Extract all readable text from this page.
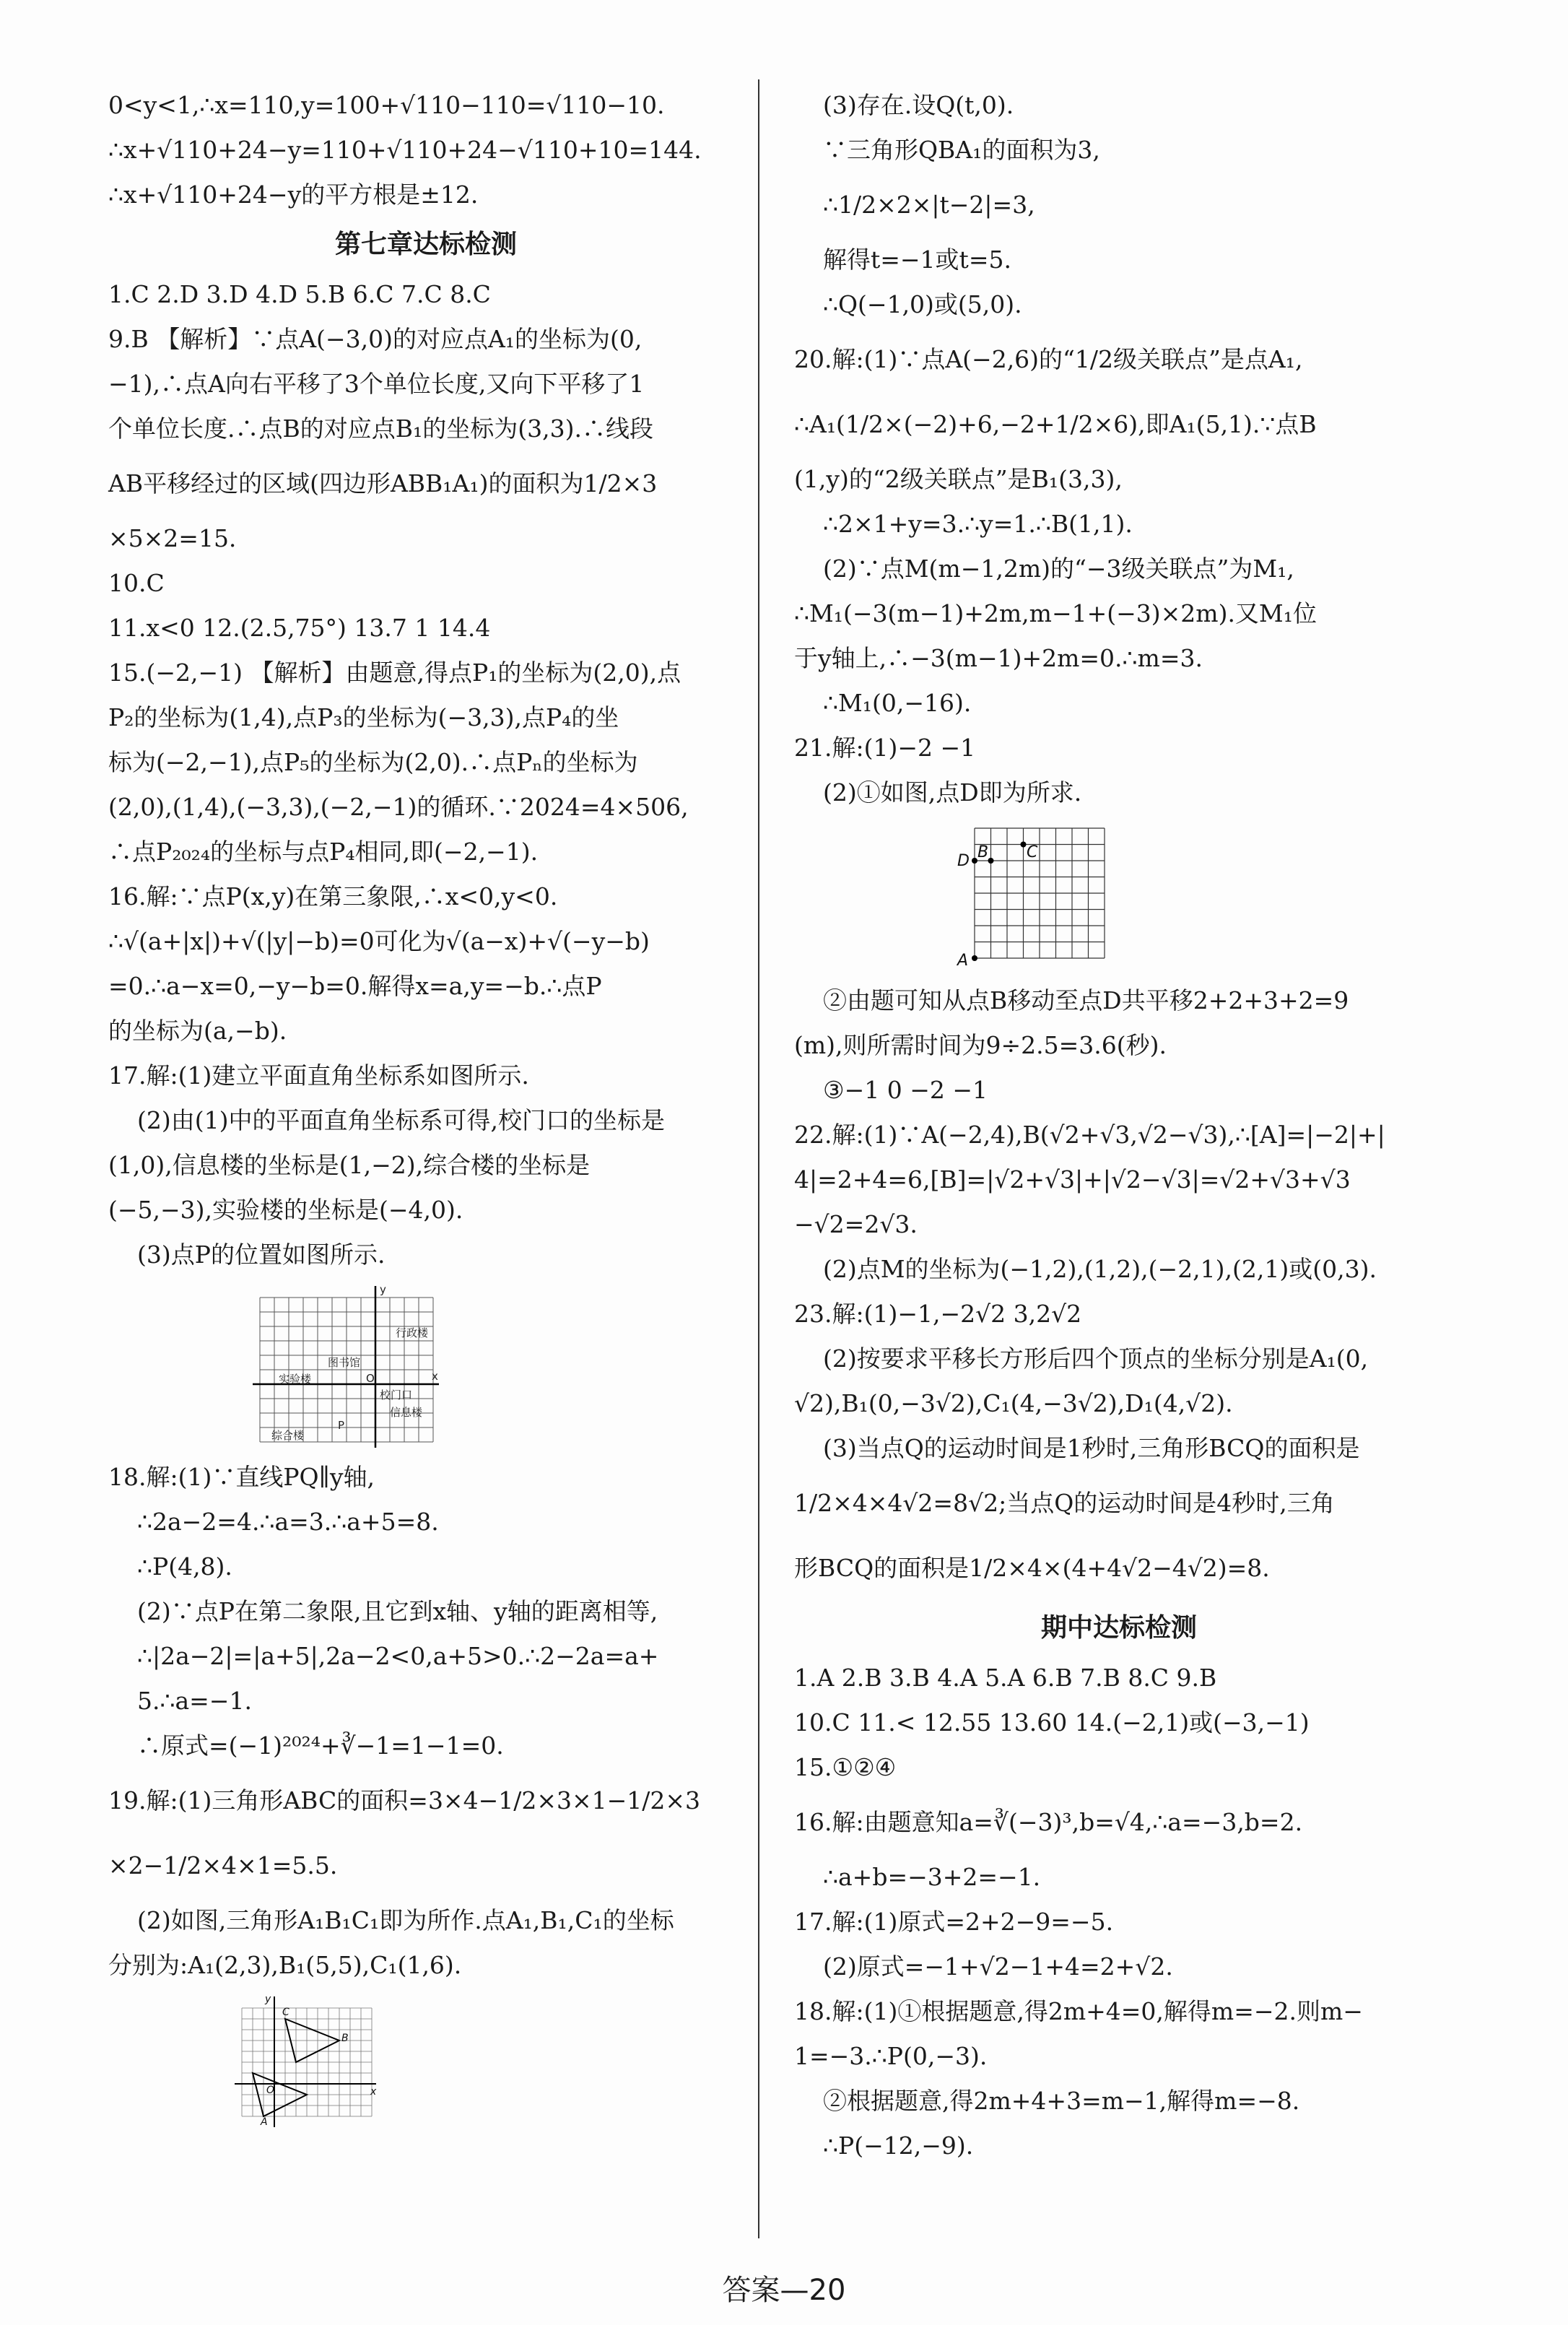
0<y<1,∴x=110,y=100+√110−110=√110−10.
∴x+√110+24−y=110+√110+24−√110+10=144.
∴x+√110+24−y的平方根是±12.
第七章达标检测
1.C 2.D 3.D 4.D 5.B 6.C 7.C 8.C
9.B 【解析】∵点A(−3,0)的对应点A₁的坐标为(0,
−1),∴点A向右平移了3个单位长度,又向下平移了1
个单位长度.∴点B的对应点B₁的坐标为(3,3).∴线段
AB平移经过的区域(四边形ABB₁A₁)的面积为1/2×3
×5×2=15.
10.C
11.x<0 12.(2.5,75°) 13.7 1 14.4
15.(−2,−1) 【解析】由题意,得点P₁的坐标为(2,0),点
P₂的坐标为(1,4),点P₃的坐标为(−3,3),点P₄的坐
标为(−2,−1),点P₅的坐标为(2,0).∴点Pₙ的坐标为
(2,0),(1,4),(−3,3),(−2,−1)的循环.∵2024=4×506,
∴点P₂₀₂₄的坐标与点P₄相同,即(−2,−1).
16.解:∵点P(x,y)在第三象限,∴x<0,y<0.
∴√(a+|x|)+√(|y|−b)=0可化为√(a−x)+√(−y−b)
=0.∴a−x=0,−y−b=0.解得x=a,y=−b.∴点P
的坐标为(a,−b).
17.解:(1)建立平面直角坐标系如图所示.
(2)由(1)中的平面直角坐标系可得,校门口的坐标是
(1,0),信息楼的坐标是(1,−2),综合楼的坐标是
(−5,−3),实验楼的坐标是(−4,0).
(3)点P的位置如图所示.
y
x
行政楼
图书馆
实验楼	O
校门口
信息楼
综合楼
P
18.解:(1)∵直线PQ∥y轴,
∴2a−2=4.∴a=3.∴a+5=8.
∴P(4,8).
(2)∵点P在第二象限,且它到x轴、y轴的距离相等,
∴|2a−2|=|a+5|,2a−2<0,a+5>0.∴2−2a=a+
5.∴a=−1.
∴原式=(−1)²⁰²⁴+∛−1=1−1=0.
19.解:(1)三角形ABC的面积=3×4−1/2×3×1−1/2×3
×2−1/2×4×1=5.5.
(2)如图,三角形A₁B₁C₁即为所作.点A₁,B₁,C₁的坐标
分别为:A₁(2,3),B₁(5,5),C₁(1,6).
C
B
A
y
x
O
(3)存在.设Q(t,0).
∵三角形QBA₁的面积为3,
∴1/2×2×|t−2|=3,
解得t=−1或t=5.
∴Q(−1,0)或(5,0).
20.解:(1)∵点A(−2,6)的“1/2级关联点”是点A₁,
∴A₁(1/2×(−2)+6,−2+1/2×6),即A₁(5,1).∵点B
(1,y)的“2级关联点”是B₁(3,3),
∴2×1+y=3.∴y=1.∴B(1,1).
(2)∵点M(m−1,2m)的“−3级关联点”为M₁,
∴M₁(−3(m−1)+2m,m−1+(−3)×2m).又M₁位
于y轴上,∴−3(m−1)+2m=0.∴m=3.
∴M₁(0,−16).
21.解:(1)−2 −1
(2)①如图,点D即为所求.
D B C
A
②由题可知从点B移动至点D共平移2+2+3+2=9
(m),则所需时间为9÷2.5=3.6(秒).
③−1 0 −2 −1
22.解:(1)∵A(−2,4),B(√2+√3,√2−√3),∴[A]=|−2|+|
4|=2+4=6,[B]=|√2+√3|+|√2−√3|=√2+√3+√3
−√2=2√3.
(2)点M的坐标为(−1,2),(1,2),(−2,1),(2,1)或(0,3).
23.解:(1)−1,−2√2 3,2√2
(2)按要求平移长方形后四个顶点的坐标分别是A₁(0,
√2),B₁(0,−3√2),C₁(4,−3√2),D₁(4,√2).
(3)当点Q的运动时间是1秒时,三角形BCQ的面积是
1/2×4×4√2=8√2;当点Q的运动时间是4秒时,三角
形BCQ的面积是1/2×4×(4+4√2−4√2)=8.
期中达标检测
1.A 2.B 3.B 4.A 5.A 6.B 7.B 8.C 9.B
10.C 11.< 12.55 13.60 14.(−2,1)或(−3,−1)
15.①②④
16.解:由题意知a=∛(−3)³,b=√4,∴a=−3,b=2.
∴a+b=−3+2=−1.
17.解:(1)原式=2+2−9=−5.
(2)原式=−1+√2−1+4=2+√2.
18.解:(1)①根据题意,得2m+4=0,解得m=−2.则m−
1=−3.∴P(0,−3).
②根据题意,得2m+4+3=m−1,解得m=−8.
∴P(−12,−9).
答案—20
